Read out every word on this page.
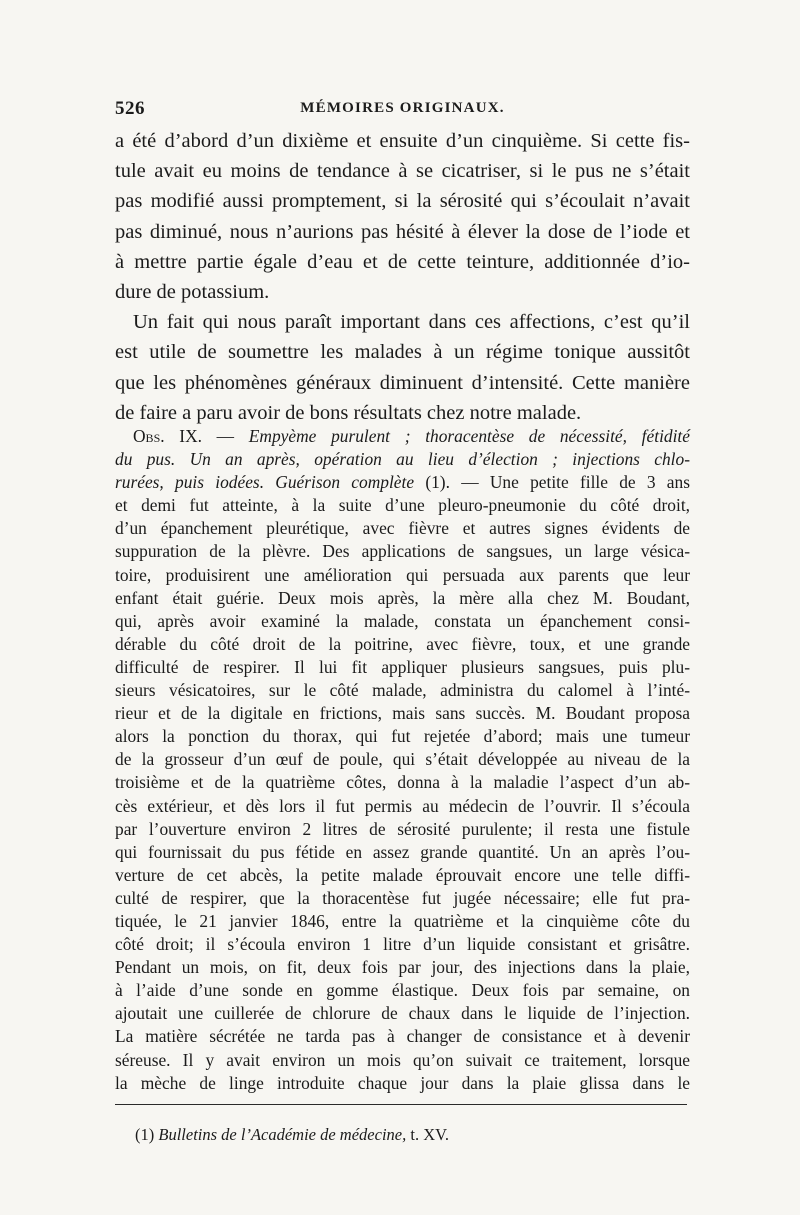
526	MÉMOIRES ORIGINAUX.
a été d’abord d’un dixième et ensuite d’un cinquième. Si cette fis-
tule avait eu moins de tendance à se cicatriser, si le pus ne s’était
pas modifié aussi promptement, si la sérosité qui s’écoulait n’avait
pas diminué, nous n’aurions pas hésité à élever la dose de l’iode et
à mettre partie égale d’eau et de cette teinture, additionnée d’io-
dure de potassium.
Un fait qui nous paraît important dans ces affections, c’est qu’il
est utile de soumettre les malades à un régime tonique aussitôt
que les phénomènes généraux diminuent d’intensité. Cette manière
de faire a paru avoir de bons résultats chez notre malade.
Obs. IX. — Empyème purulent ; thoracentèse de nécessité, fétidité
du pus. Un an après, opération au lieu d’élection ; injections chlo-
rurées, puis iodées. Guérison complète (1). — Une petite fille de 3 ans
et demi fut atteinte, à la suite d’une pleuro-pneumonie du côté droit,
d’un épanchement pleurétique, avec fièvre et autres signes évidents de
suppuration de la plèvre. Des applications de sangsues, un large vésica-
toire, produisirent une amélioration qui persuada aux parents que leur
enfant était guérie. Deux mois après, la mère alla chez M. Boudant,
qui, après avoir examiné la malade, constata un épanchement consi-
dérable du côté droit de la poitrine, avec fièvre, toux, et une grande
difficulté de respirer. Il lui fit appliquer plusieurs sangsues, puis plu-
sieurs vésicatoires, sur le côté malade, administra du calomel à l’inté-
rieur et de la digitale en frictions, mais sans succès. M. Boudant proposa
alors la ponction du thorax, qui fut rejetée d’abord; mais une tumeur
de la grosseur d’un œuf de poule, qui s’était développée au niveau de la
troisième et de la quatrième côtes, donna à la maladie l’aspect d’un ab-
cès extérieur, et dès lors il fut permis au médecin de l’ouvrir. Il s’écoula
par l’ouverture environ 2 litres de sérosité purulente; il resta une fistule
qui fournissait du pus fétide en assez grande quantité. Un an après l’ou-
verture de cet abcès, la petite malade éprouvait encore une telle diffi-
culté de respirer, que la thoracentèse fut jugée nécessaire; elle fut pra-
tiquée, le 21 janvier 1846, entre la quatrième et la cinquième côte du
côté droit; il s’écoula environ 1 litre d’un liquide consistant et grisâtre.
Pendant un mois, on fit, deux fois par jour, des injections dans la plaie,
à l’aide d’une sonde en gomme élastique. Deux fois par semaine, on
ajoutait une cuillerée de chlorure de chaux dans le liquide de l’injection.
La matière sécrétée ne tarda pas à changer de consistance et à devenir
séreuse. Il y avait environ un mois qu’on suivait ce traitement, lorsque
la mèche de linge introduite chaque jour dans la plaie glissa dans le
(1) Bulletins de l’Académie de médecine, t. XV.
